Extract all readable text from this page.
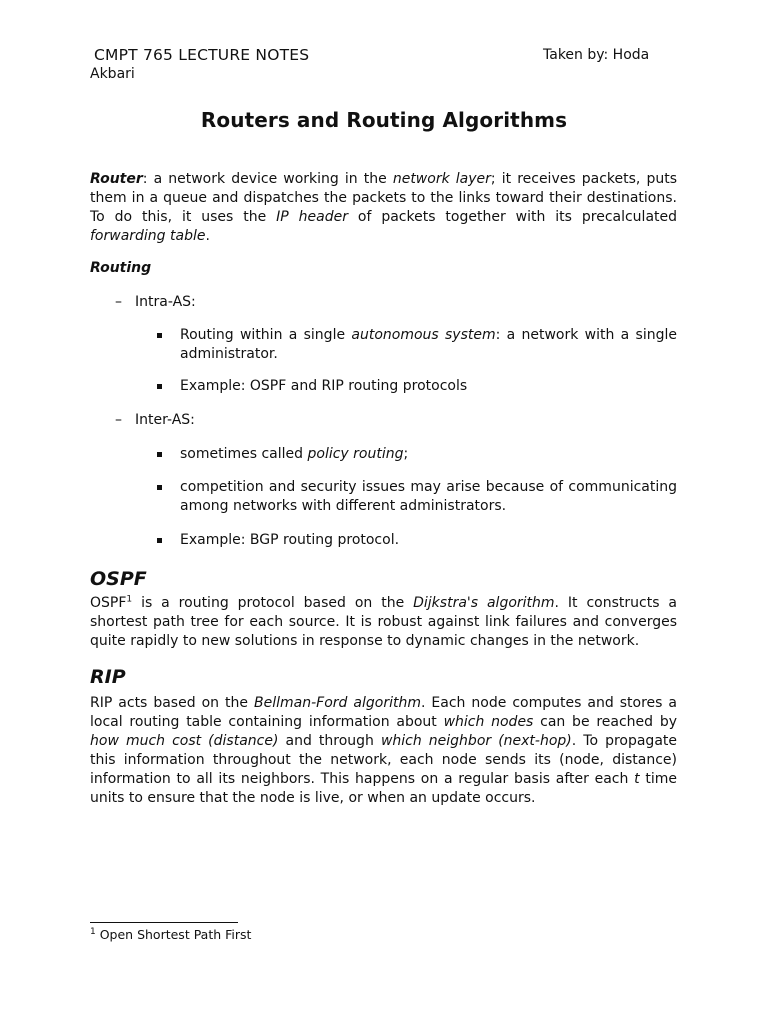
CMPT 765 LECTURE NOTES	Taken by: Hoda
Akbari
Routers and Routing Algorithms

Router: a network device working in the network layer; it receives packets, puts them in a queue and dispatches the packets to the links toward their destinations. To do this, it uses the IP header of packets together with its precalculated forwarding table.

Routing
– Intra-AS:
Routing within a single autonomous system: a network with a single administrator.
Example: OSPF and RIP routing protocols
– Inter-AS:
sometimes called policy routing;
competition and security issues may arise because of communicating among networks with different administrators.
Example: BGP routing protocol.
OSPF

OSPF$^1$ is a routing protocol based on the Dijkstra's algorithm. It constructs a shortest path tree for each source. It is robust against link failures and converges quite rapidly to new solutions in response to dynamic changes in the network.

RIP

RIP acts based on the Bellman-Ford algorithm. Each node computes and stores a local routing table containing information about which nodes can be reached by how much cost (distance) and through which neighbor (next-hop). To propagate this information throughout the network, each node sends its (node, distance) information to all its neighbors. This happens on a regular basis after each t time units to ensure that the node is live, or when an update occurs.

$^1$ Open Shortest Path First
